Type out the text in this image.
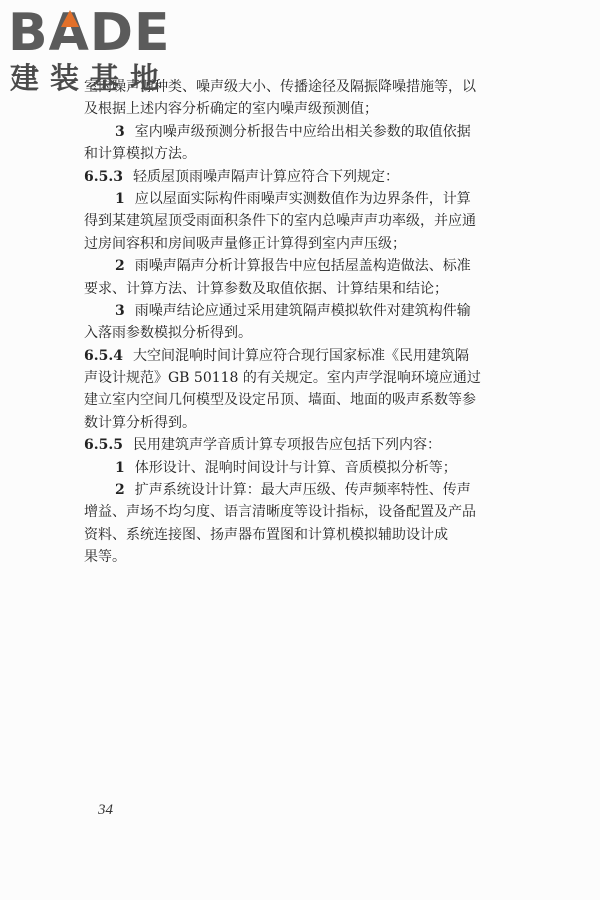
BADE
建装基地
室内噪声源种类、噪声级大小、传播途径及隔振降噪措施等，以
及根据上述内容分析确定的室内噪声级预测值；
3 室内噪声级预测分析报告中应给出相关参数的取值依据
和计算模拟方法。
6.5.3 轻质屋顶雨噪声隔声计算应符合下列规定：
1 应以屋面实际构件雨噪声实测数值作为边界条件，计算
得到某建筑屋顶受雨面积条件下的室内总噪声声功率级，并应通
过房间容积和房间吸声量修正计算得到室内声压级；
2 雨噪声隔声分析计算报告中应包括屋盖构造做法、标准
要求、计算方法、计算参数及取值依据、计算结果和结论；
3 雨噪声结论应通过采用建筑隔声模拟软件对建筑构件输
入落雨参数模拟分析得到。
6.5.4 大空间混响时间计算应符合现行国家标准《民用建筑隔
声设计规范》GB 50118 的有关规定。室内声学混响环境应通过
建立室内空间几何模型及设定吊顶、墙面、地面的吸声系数等参
数计算分析得到。
6.5.5 民用建筑声学音质计算专项报告应包括下列内容：
1 体形设计、混响时间设计与计算、音质模拟分析等；
2 扩声系统设计计算：最大声压级、传声频率特性、传声
增益、声场不均匀度、语言清晰度等设计指标，设备配置及产品
资料、系统连接图、扬声器布置图和计算机模拟辅助设计成
果等。
34
